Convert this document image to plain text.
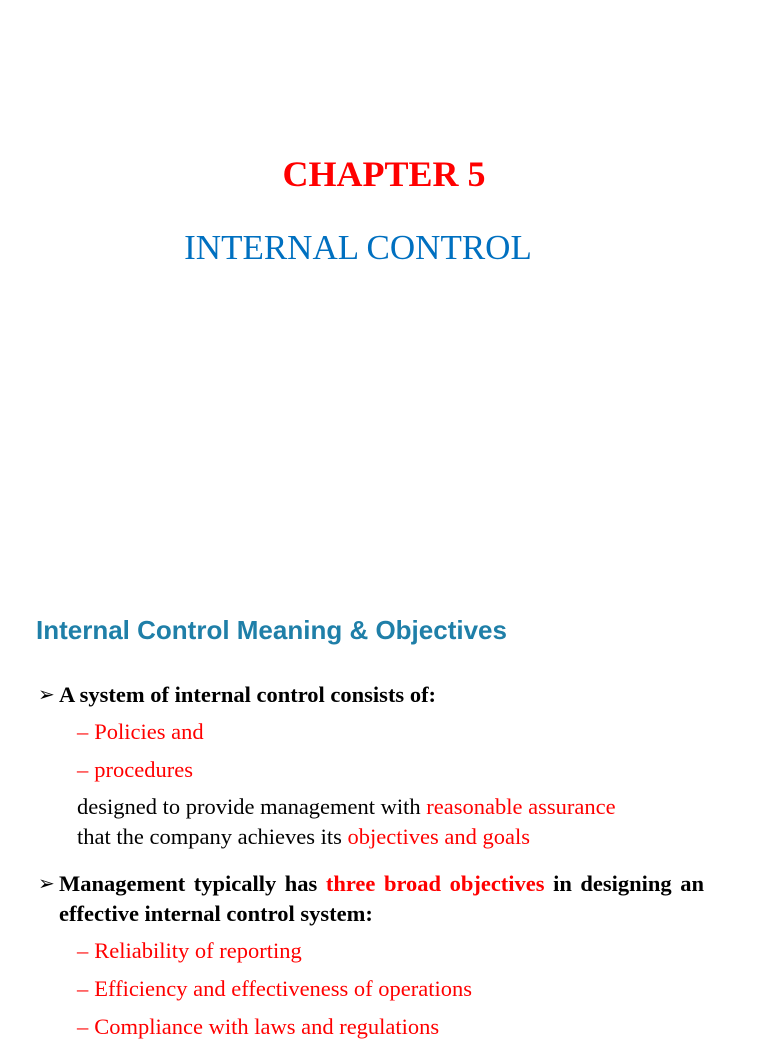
CHAPTER 5
INTERNAL CONTROL
Internal Control Meaning & Objectives
➢ A system of internal control consists of:
– Policies and
– procedures
designed to provide management with reasonable assurance
that the company achieves its objectives and goals
➢ Management typically has three broad objectives in designing an effective internal control system:
– Reliability of reporting
– Efficiency and effectiveness of operations
– Compliance with laws and regulations
